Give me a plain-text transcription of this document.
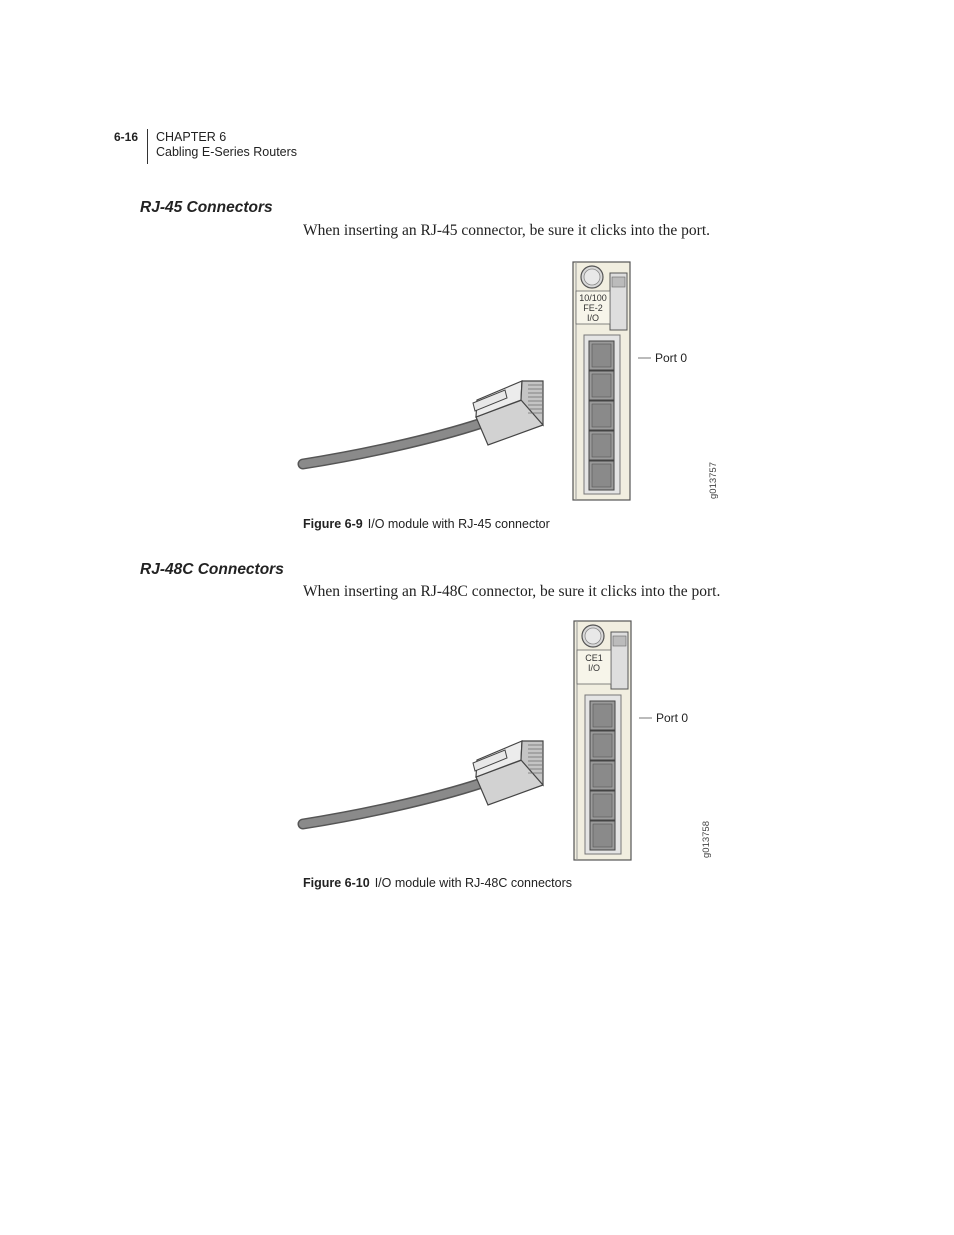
6-16 CHAPTER 6
Cabling E-Series Routers
RJ-45 Connectors
When inserting an RJ-45 connector, be sure it clicks into the port.
10/100
FE-2
I/O
Port 0
g013757
Figure 6-9 I/O module with RJ-45 connector
RJ-48C Connectors
When inserting an RJ-48C connector, be sure it clicks into the port.
CE1
I/O
Port 0
g013758
Figure 6-10 I/O module with RJ-48C connectors
